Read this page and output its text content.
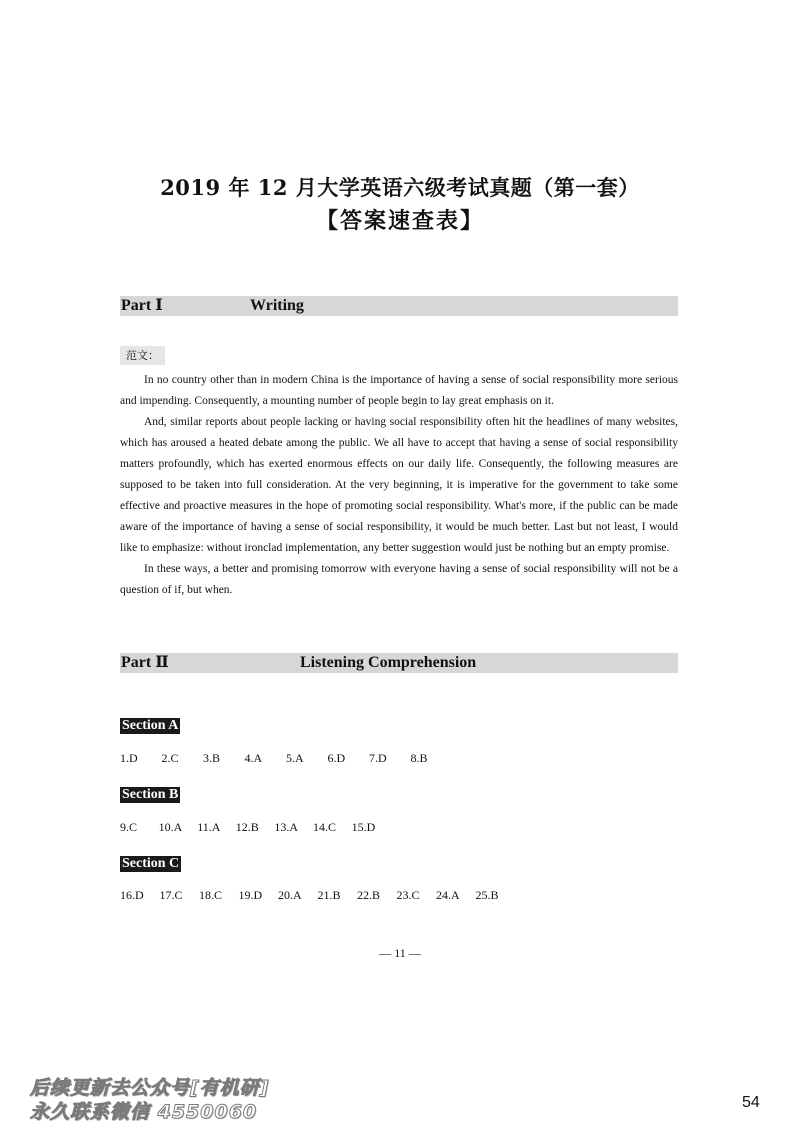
2019 年 12 月大学英语六级考试真题（第一套）
【答案速查表】
Part Ⅰ	Writing
范文：

In no country other than in modern China is the importance of having a sense of social responsibility more serious and impending. Consequently, a mounting number of people begin to lay great emphasis on it.

And, similar reports about people lacking or having social responsibility often hit the headlines of many websites, which has aroused a heated debate among the public. We all have to accept that having a sense of social responsibility matters profoundly, which has exerted enormous effects on our daily life. Consequently, the following measures are supposed to be taken into full consideration. At the very beginning, it is imperative for the government to take some effective and proactive measures in the hope of promoting social responsibility. What's more, if the public can be made aware of the importance of having a sense of social responsibility, it would be much better. Last but not least, I would like to emphasize: without ironclad implementation, any better suggestion would just be nothing but an empty promise.

In these ways, a better and promising tomorrow with everyone having a sense of social responsibility will not be a question of if, but when.

Part Ⅱ	Listening Comprehension
Section A
1.D 2.C 3.B 4.A 5.A 6.D 7.D 8.B
Section B
9.C 10.A 11.A 12.B 13.A 14.C 15.D
Section C
16.D 17.C 18.C 19.D 20.A 21.B 22.B 23.C 24.A 25.B
— 11 —
后续更新去公众号[有机研]
永久联系微信 4550060	54
